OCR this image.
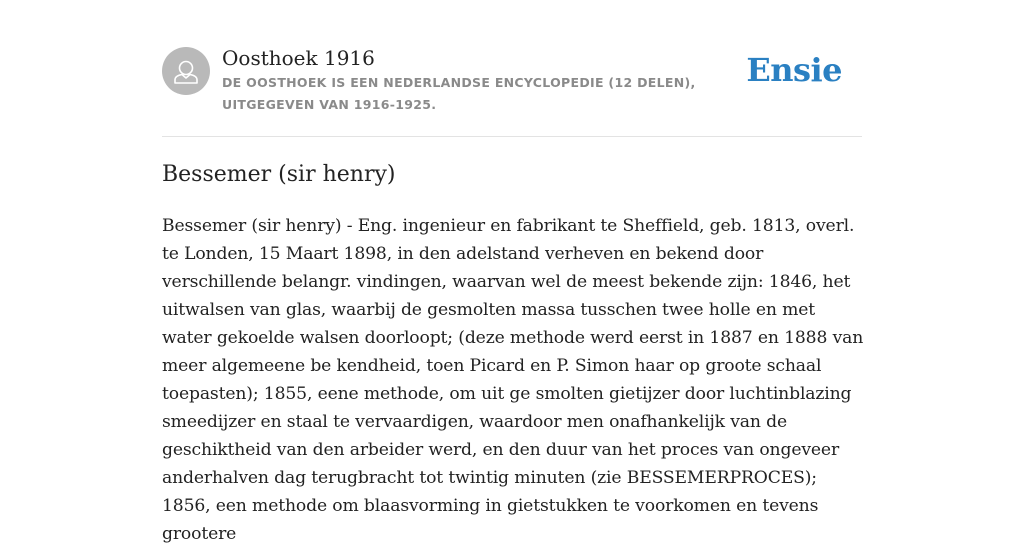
Oosthoek 1916
DE OOSTHOEK IS EEN NEDERLANDSE ENCYCLOPEDIE (12 DELEN), UITGEGEVEN VAN 1916-1925.
Ensie
Bessemer (sir henry)

Bessemer (sir henry) - Eng. ingenieur en fabrikant te Sheffield, geb. 1813, overl. te Londen, 15 Maart 1898, in den adelstand verheven en bekend door verschillende belangr. vindingen, waarvan wel de meest bekende zijn: 1846, het uitwalsen van glas, waarbij de gesmolten massa tusschen twee holle en met water gekoelde walsen doorloopt; (deze methode werd eerst in 1887 en 1888 van meer algemeene be kendheid, toen Picard en P. Simon haar op groote schaal toepasten); 1855, eene methode, om uit ge smolten gietijzer door luchtinblazing smeedijzer en staal te vervaardigen, waardoor men onafhankelijk van de geschiktheid van den arbeider werd, en den duur van het proces van ongeveer anderhalven dag terugbracht tot twintig minuten (zie BESSEMERPROCES); 1856, een methode om blaasvorming in gietstukken te voorkomen en tevens grootere
